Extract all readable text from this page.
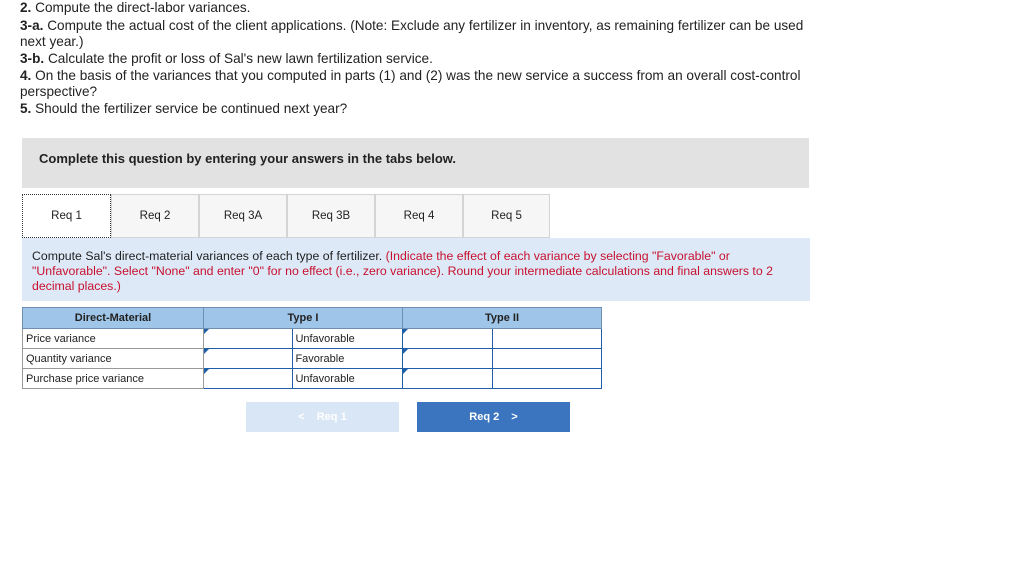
2. Compute the direct-labor variances.
3-a. Compute the actual cost of the client applications. (Note: Exclude any fertilizer in inventory, as remaining fertilizer can be used
next year.)
3-b. Calculate the profit or loss of Sal's new lawn fertilization service.
4. On the basis of the variances that you computed in parts (1) and (2) was the new service a success from an overall cost-control
perspective?
5. Should the fertilizer service be continued next year?
Complete this question by entering your answers in the tabs below.
Req 1	Req 2	Req 3A	Req 3B	Req 4	Req 5

Compute Sal's direct-material variances of each type of fertilizer. (Indicate the effect of each variance by selecting "Favorable" or "Unfavorable". Select "None" and enter "0" for no effect (i.e., zero variance). Round your intermediate calculations and final answers to 2 decimal places.)

Direct-Material	Type I		Type II	
Price variance		Unfavorable		
Quantity variance		Favorable		
Purchase price variance		Unfavorable		
< Req 1	Req 2 >
